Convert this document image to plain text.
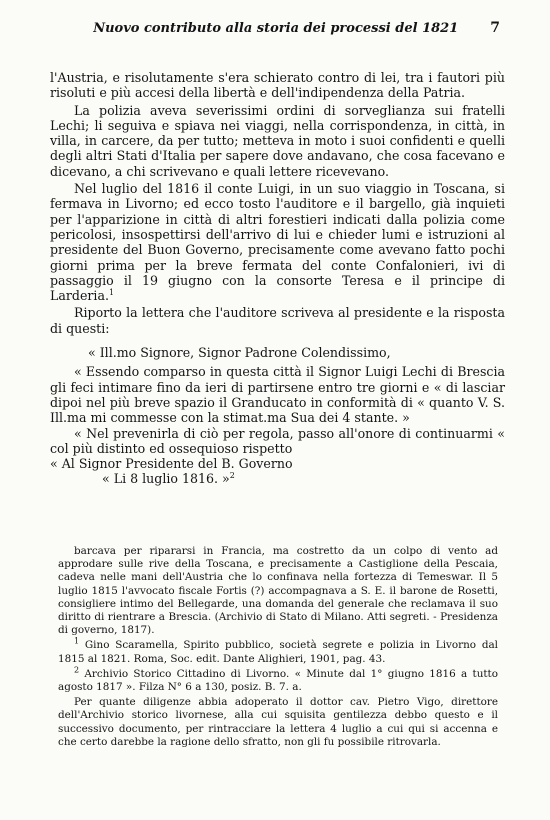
Nuovo contributo alla storia dei processi del 1821 7

l'Austria, e risolutamente s'era schierato contro di lei, tra i fautori più risoluti e più accesi della libertà e dell'indipendenza della Patria.

La polizia aveva severissimi ordini di sorveglianza sui fratelli Lechi; li seguiva e spiava nei viaggi, nella corrispondenza, in città, in villa, in carcere, da per tutto; metteva in moto i suoi confidenti e quelli degli altri Stati d'Italia per sapere dove andavano, che cosa facevano e dicevano, a chi scrivevano e quali lettere ricevevano.

Nel luglio del 1816 il conte Luigi, in un suo viaggio in Toscana, si fermava in Livorno; ed ecco tosto l'auditore e il bargello, già inquieti per l'apparizione in città di altri forestieri indicati dalla polizia come pericolosi, insospettirsi dell'arrivo di lui e chieder lumi e istruzioni al presidente del Buon Governo, precisamente come avevano fatto pochi giorni prima per la breve fermata del conte Confalonieri, ivi di passaggio il 19 giugno con la consorte Teresa e il principe di Larderia.$^1$

Riporto la lettera che l'auditore scriveva al presidente e la risposta di questi:

« Ill.mo Signore, Signor Padrone Colendissimo,

« Essendo comparso in questa città il Signor Luigi Lechi di Brescia gli feci intimare fino da ieri di partirsene entro tre giorni e « di lasciar dipoi nel più breve spazio il Granducato in conformità di « quanto V. S. Ill.ma mi commesse con la stimat.ma Sua dei 4 stante. »

« Nel prevenirla di ciò per regola, passo all'onore di continuarmi « col più distinto ed ossequioso rispetto

« Al Signor Presidente del B. Governo

« Li 8 luglio 1816. »$^2$

barcava per ripararsi in Francia, ma costretto da un colpo di vento ad approdare sulle rive della Toscana, e precisamente a Castiglione della Pescaia, cadeva nelle mani dell'Austria che lo confinava nella fortezza di Temeswar. Il 5 luglio 1815 l'avvocato fiscale Fortis (?) accompagnava a S. E. il barone de Rosetti, consigliere intimo del Bellegarde, una domanda del generale che reclamava il suo diritto di rientrare a Brescia. (Archivio di Stato di Milano. Atti segreti. - Presidenza di governo, 1817).

$^1$ Gino Scaramella, Spirito pubblico, società segrete e polizia in Livorno dal 1815 al 1821. Roma, Soc. edit. Dante Alighieri, 1901, pag. 43.

$^2$ Archivio Storico Cittadino di Livorno. « Minute dal 1° giugno 1816 a tutto agosto 1817 ». Filza N° 6 a 130, posiz. B. 7. a.

Per quante diligenze abbia adoperato il dottor cav. Pietro Vigo, direttore dell'Archivio storico livornese, alla cui squisita gentilezza debbo questo e il successivo documento, per rintracciare la lettera 4 luglio a cui qui si accenna e che certo darebbe la ragione dello sfratto, non gli fu possibile ritrovarla.
